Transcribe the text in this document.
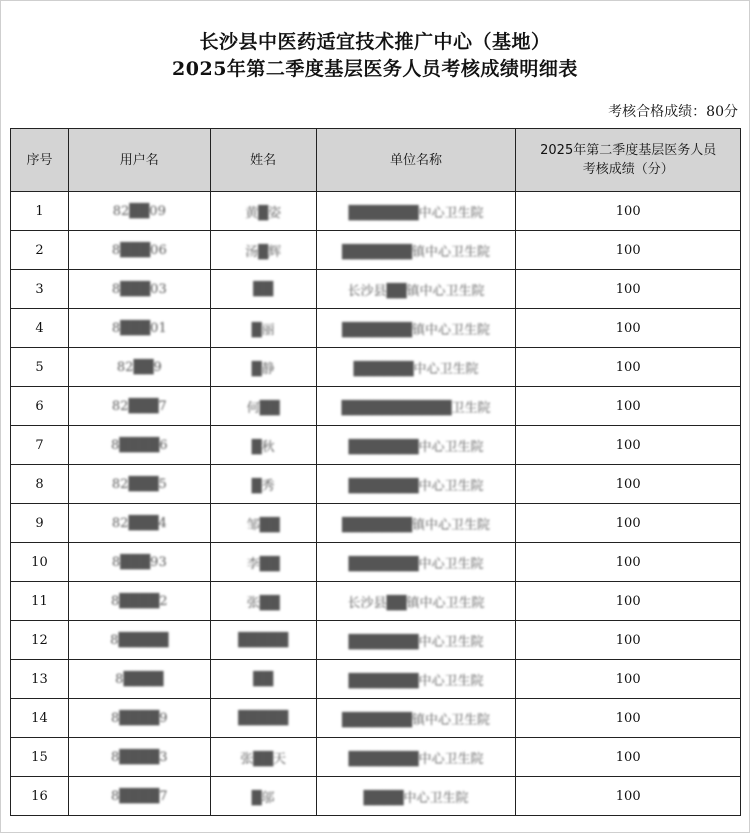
长沙县中医药适宜技术推广中心（基地）
2025年第二季度基层医务人员考核成绩明细表
考核合格成绩：80分
序号	用户名	姓名	单位名称	2025年第二季度基层医务人员
考核成绩（分）
1	82██09	黄█姿	███████中心卫生院	100
2	8███06	汤█辉	███████镇中心卫生院	100
3	8███03	██	长沙县██镇中心卫生院	100
4	8███01	█丽	███████镇中心卫生院	100
5	82██9	█静	██████中心卫生院	100
6	82███7	何██	███████████卫生院	100
7	8████6	█秋	███████中心卫生院	100
8	82███5	█秀	███████中心卫生院	100
9	82███4	邹██	███████镇中心卫生院	100
10	8███93	李██	███████中心卫生院	100
11	8████2	张██	长沙县██镇中心卫生院	100
12	8█████	█████	███████中心卫生院	100
13	8████	██	███████中心卫生院	100
14	8████9	█████	███████镇中心卫生院	100
15	8████3	张██天	███████中心卫生院	100
16	8████7	█邬	████中心卫生院	100
